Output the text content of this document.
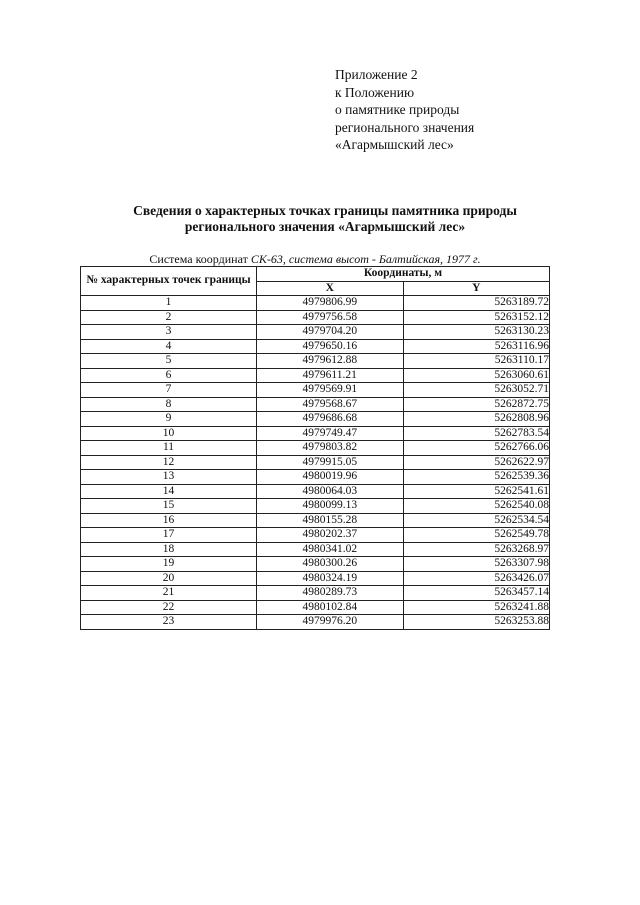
Приложение 2
к Положению
о памятнике природы
регионального значения
«Агармышский лес»
Сведения о характерных точках границы памятника природы
регионального значения «Агармышский лес»
Система координат СК-63, система высот - Балтийская, 1977 г.
№ характерных точек границы	Координаты, м	
	X	Y
1	4979806.99	5263189.72
2	4979756.58	5263152.12
3	4979704.20	5263130.23
4	4979650.16	5263116.96
5	4979612.88	5263110.17
6	4979611.21	5263060.61
7	4979569.91	5263052.71
8	4979568.67	5262872.75
9	4979686.68	5262808.96
10	4979749.47	5262783.54
11	4979803.82	5262766.06
12	4979915.05	5262622.97
13	4980019.96	5262539.36
14	4980064.03	5262541.61
15	4980099.13	5262540.08
16	4980155.28	5262534.54
17	4980202.37	5262549.78
18	4980341.02	5263268.97
19	4980300.26	5263307.98
20	4980324.19	5263426.07
21	4980289.73	5263457.14
22	4980102.84	5263241.88
23	4979976.20	5263253.88
